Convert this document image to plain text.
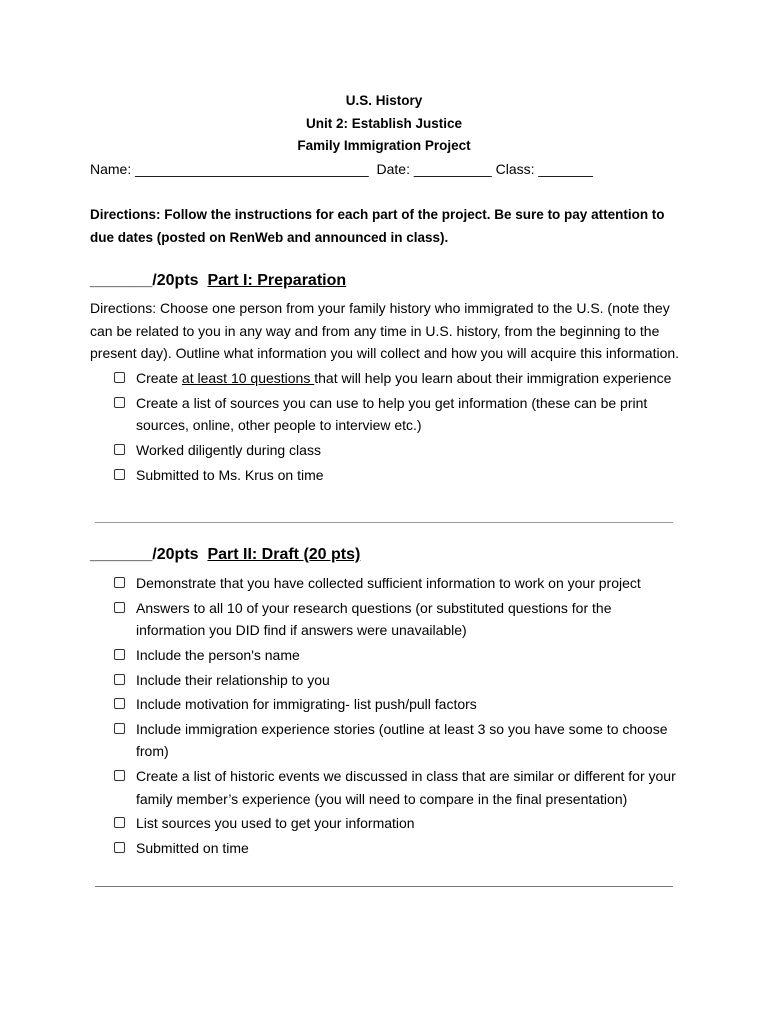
U.S. History
Unit 2: Establish Justice
Family Immigration Project
Name: ______________________________ Date: __________ Class: _______
Directions: Follow the instructions for each part of the project. Be sure to pay attention to due dates (posted on RenWeb and announced in class).
_______/20pts Part I: Preparation
Directions: Choose one person from your family history who immigrated to the U.S. (note they can be related to you in any way and from any time in U.S. history, from the beginning to the present day). Outline what information you will collect and how you will acquire this information.
Create at least 10 questions that will help you learn about their immigration experience
Create a list of sources you can use to help you get information (these can be print sources, online, other people to interview etc.)
Worked diligently during class
Submitted to Ms. Krus on time
_______/20pts Part II: Draft (20 pts)
Demonstrate that you have collected sufficient information to work on your project
Answers to all 10 of your research questions (or substituted questions for the information you DID find if answers were unavailable)
Include the person's name
Include their relationship to you
Include motivation for immigrating- list push/pull factors
Include immigration experience stories (outline at least 3 so you have some to choose from)
Create a list of historic events we discussed in class that are similar or different for your family member’s experience (you will need to compare in the final presentation)
List sources you used to get your information
Submitted on time
